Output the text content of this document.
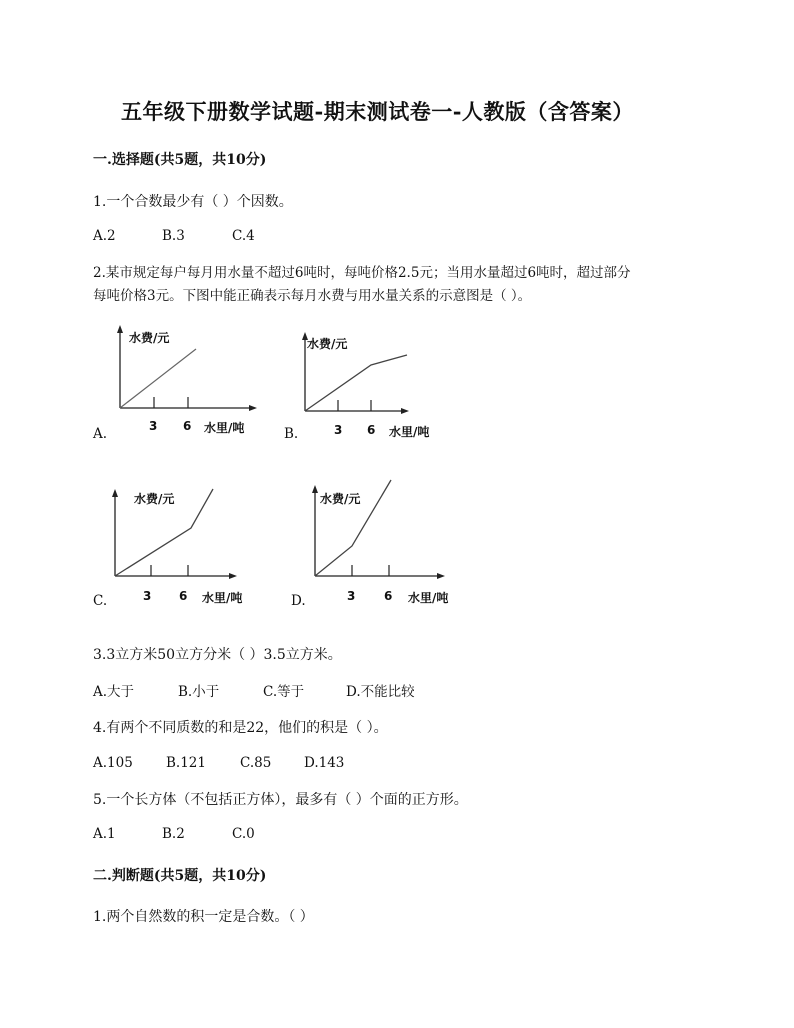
五年级下册数学试题-期末测试卷一-人教版（含答案）
一.选择题(共5题，共10分)
1.一个合数最少有（ ）个因数。
A.2	B.3	C.4
2.某市规定每户每月用水量不超过6吨时，每吨价格2.5元；当用水量超过6吨时，超过部分
每吨价格3元。下图中能正确表示每月水费与用水量关系的示意图是（ ）。
水费/元
3 6 水里/吨
A.
水费/元
3 6 水里/吨
B.
水费/元
3 6 水里/吨
C.
水费/元
3 6 水里/吨
D.
3.3立方米50立方分米（ ）3.5立方米。
A.大于	B.小于	C.等于	D.不能比较
4.有两个不同质数的和是22，他们的积是（ ）。
A.105 B.121	C.85 D.143
5.一个长方体（不包括正方体），最多有（ ）个面的正方形。
A.1	B.2	C.0
二.判断题(共5题，共10分)
1.两个自然数的积一定是合数。（ ）
